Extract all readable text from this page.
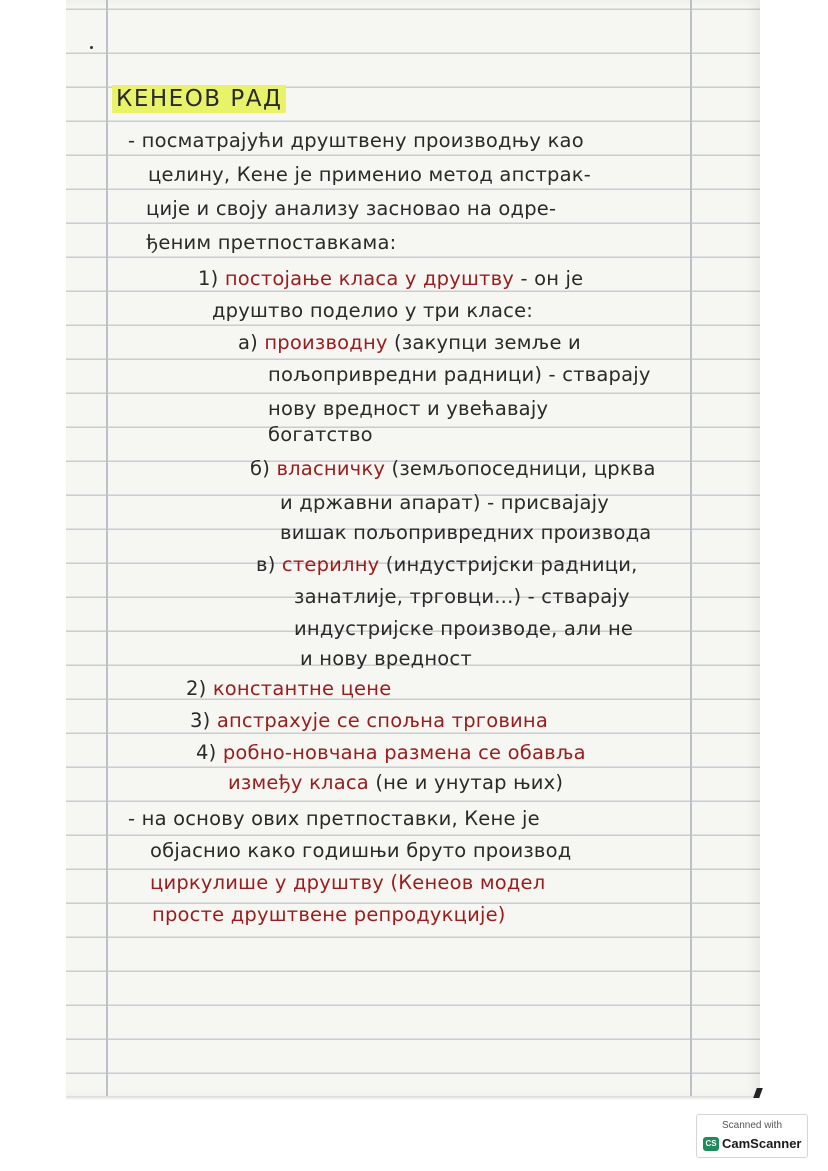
КЕНЕОВ РАД
- посматрајући друштвену производњу као
целину, Кене је применио метод апстрак-
ције и своју анализу засновао на одре-
ђеним претпоставкама:
1) постојање класа у друштву - он је
друштво поделио у три класе:
а) производну (закупци земље и
пољопривредни радници) - стварају
нову вредност и увећавају
богатство
б) власничку (земљопоседници, црква
и државни апарат) - присвајају
вишак пољопривредних производа
в) стерилну (индустријски радници,
занатлије, трговци...) - стварају
индустријске производе, али не
и нову вредност
2) константне цене
3) апстрахује се спољна трговина
4) робно-новчана размена се обавља
између класа (не и унутар њих)
- на основу ових претпоставки, Кене је
објаснио како годишњи бруто производ
циркулише у друштву (Кенеов модел
просте друштвене репродукције)
Scanned with
CS CamScanner
